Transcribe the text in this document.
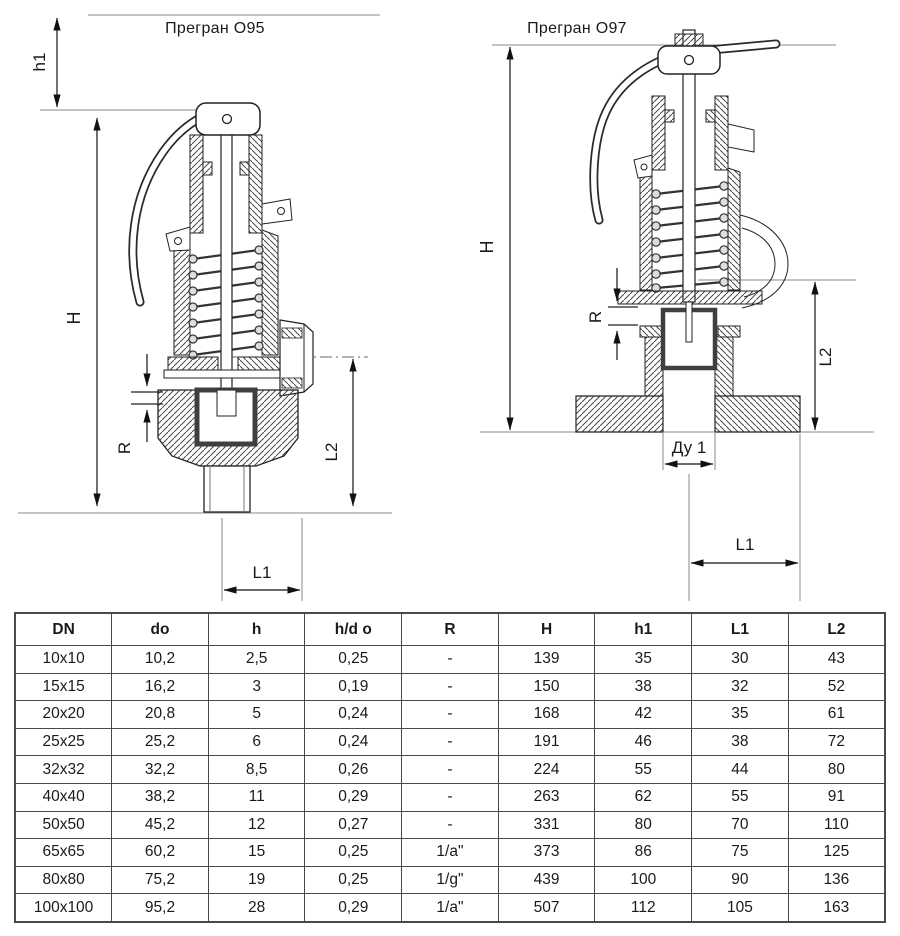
Прегран О95
h1
H
R	L2
L1
Прегран О97
H
R
L2
Ду 1
L1
DN	do	h	h/d o	R	H	h1	L1	L2
10x10	10,2	2,5	0,25	-	139	35	30	43
15x15	16,2	3	0,19	-	150	38	32	52
20x20	20,8	5	0,24	-	168	42	35	61
25x25	25,2	6	0,24	-	191	46	38	72
32x32	32,2	8,5	0,26	-	224	55	44	80
40x40	38,2	11	0,29	-	263	62	55	91
50x50	45,2	12	0,27	-	331	80	70	110
65x65	60,2	15	0,25	1/a"	373	86	75	125
80x80	75,2	19	0,25	1/g"	439	100	90	136
100x100	95,2	28	0,29	1/a"	507	112	105	163
